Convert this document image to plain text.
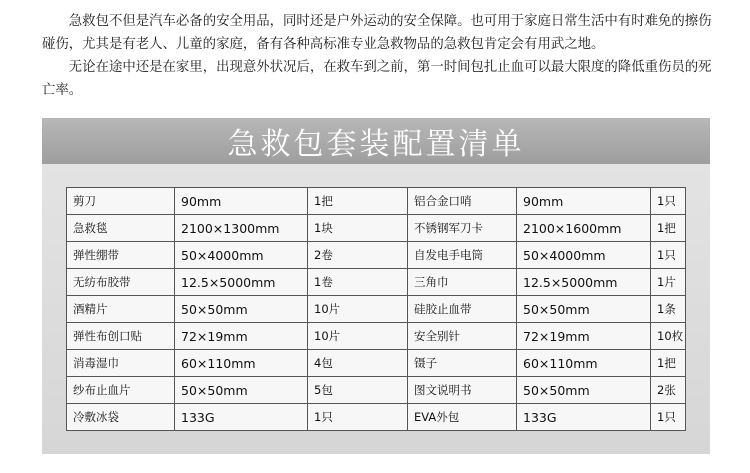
急救包不但是汽车必备的安全用品，同时还是户外运动的安全保障。也可用于家庭日常生活中有时难免的擦伤碰伤，尤其是有老人、儿童的家庭，备有各种高标准专业急救物品的急救包肯定会有用武之地。

无论在途中还是在家里，出现意外状况后，在救车到之前，第一时间包扎止血可以最大限度的降低重伤员的死亡率。

急救包套装配置清单
剪刀	90mm	1把	铝合金口哨	90mm	1只
急救毯	2100×1300mm	1块	不锈钢军刀卡	2100×1600mm	1把
弹性绷带	50×4000mm	2卷	自发电手电筒	50×4000mm	1只
无纺布胶带	12.5×5000mm	1卷	三角巾	12.5×5000mm	1片
酒精片	50×50mm	10片	硅胶止血带	50×50mm	1条
弹性布创口贴	72×19mm	10片	安全别针	72×19mm	10枚
消毒湿巾	60×110mm	4包	镊子	60×110mm	1把
纱布止血片	50×50mm	5包	图文说明书	50×50mm	2张
冷敷冰袋	133G	1只	EVA外包	133G	1只
